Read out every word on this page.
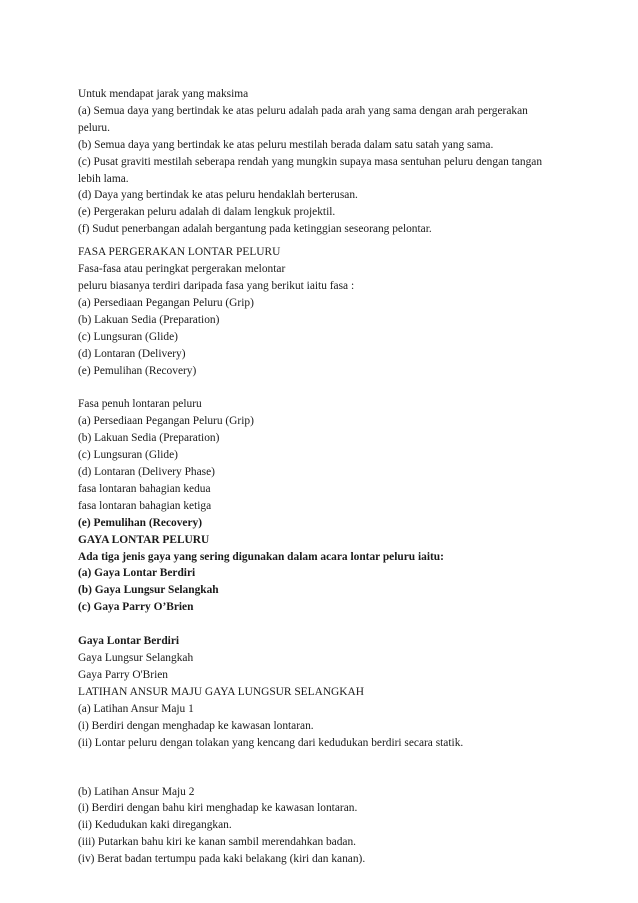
Untuk mendapat jarak yang maksima
(a) Semua daya yang bertindak ke atas peluru adalah pada arah yang sama dengan arah pergerakan
peluru.
(b) Semua daya yang bertindak ke atas peluru mestilah berada dalam satu satah yang sama.
(c) Pusat graviti mestilah seberapa rendah yang mungkin supaya masa sentuhan peluru dengan tangan
lebih lama.
(d) Daya yang bertindak ke atas peluru hendaklah berterusan.
(e) Pergerakan peluru adalah di dalam lengkuk projektil.
(f) Sudut penerbangan adalah bergantung pada ketinggian seseorang pelontar.
FASA PERGERAKAN LONTAR PELURU
Fasa-fasa atau peringkat pergerakan melontar
peluru biasanya terdiri daripada fasa yang berikut iaitu fasa :
(a) Persediaan Pegangan Peluru (Grip)
(b) Lakuan Sedia (Preparation)
(c) Lungsuran (Glide)
(d) Lontaran (Delivery)
(e) Pemulihan (Recovery)
Fasa penuh lontaran peluru
(a) Persediaan Pegangan Peluru (Grip)
(b) Lakuan Sedia (Preparation)
(c) Lungsuran (Glide)
(d) Lontaran (Delivery Phase)
fasa lontaran bahagian kedua
fasa lontaran bahagian ketiga
(e) Pemulihan (Recovery)
GAYA LONTAR PELURU
Ada tiga jenis gaya yang sering digunakan dalam acara lontar peluru iaitu:
(a) Gaya Lontar Berdiri
(b) Gaya Lungsur Selangkah
(c) Gaya Parry O’Brien
Gaya Lontar Berdiri
Gaya Lungsur Selangkah
Gaya Parry O'Brien
LATIHAN ANSUR MAJU GAYA LUNGSUR SELANGKAH
(a) Latihan Ansur Maju 1
(i) Berdiri dengan menghadap ke kawasan lontaran.
(ii) Lontar peluru dengan tolakan yang kencang dari kedudukan berdiri secara statik.
(b) Latihan Ansur Maju 2
(i) Berdiri dengan bahu kiri menghadap ke kawasan lontaran.
(ii) Kedudukan kaki diregangkan.
(iii) Putarkan bahu kiri ke kanan sambil merendahkan badan.
(iv) Berat badan tertumpu pada kaki belakang (kiri dan kanan).
